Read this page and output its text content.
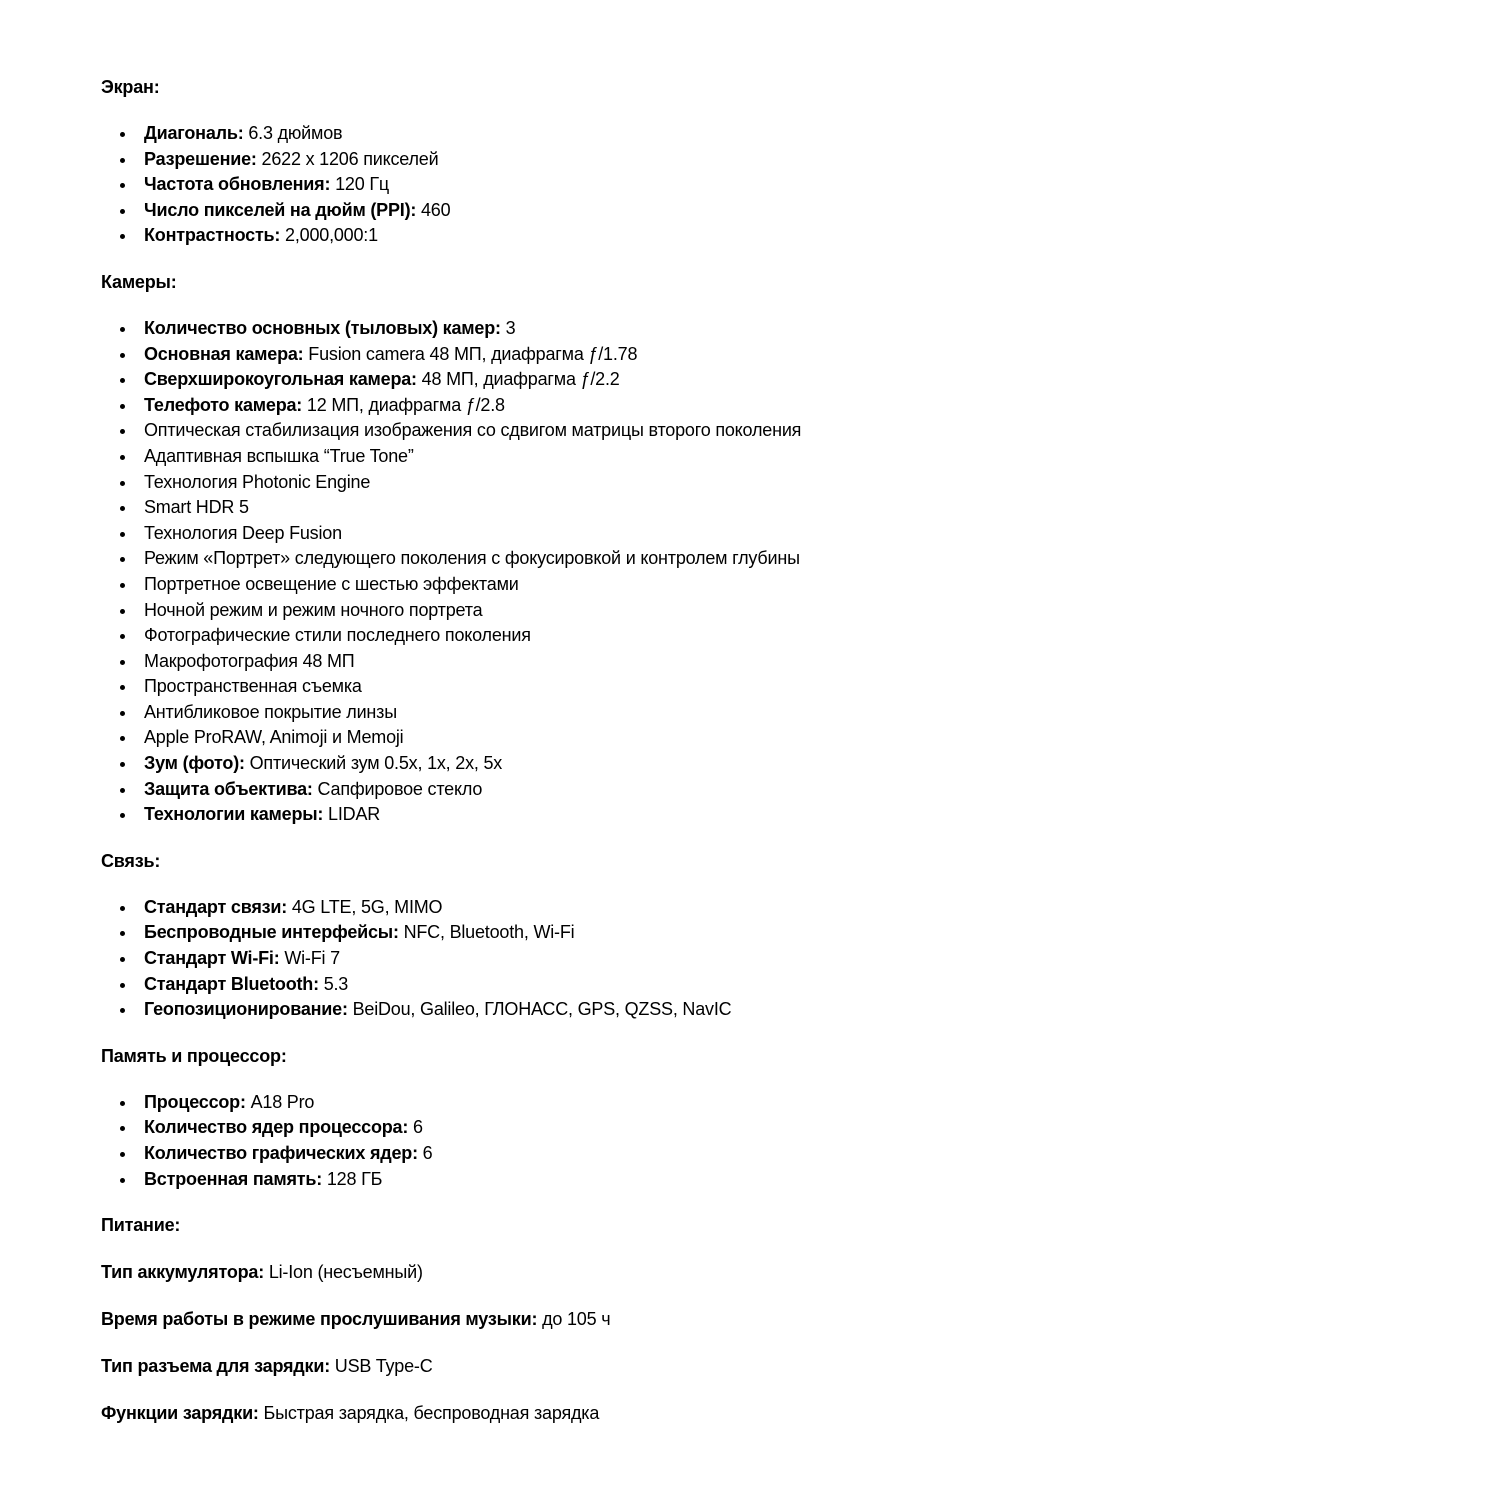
Экран:

Диагональ: 6.3 дюймов
Разрешение: 2622 x 1206 пикселей
Частота обновления: 120 Гц
Число пикселей на дюйм (PPI): 460
Контрастность: 2,000,000:1

Камеры:

Количество основных (тыловых) камер: 3
Основная камера: Fusion camera 48 МП, диафрагма ƒ/1.78
Сверхширокоугольная камера: 48 МП, диафрагма ƒ/2.2
Телефото камера: 12 МП, диафрагма ƒ/2.8
Оптическая стабилизация изображения со сдвигом матрицы второго поколения
Адаптивная вспышка “True Tone”
Технология Photonic Engine
Smart HDR 5
Технология Deep Fusion
Режим «Портрет» следующего поколения с фокусировкой и контролем глубины
Портретное освещение с шестью эффектами
Ночной режим и режим ночного портрета
Фотографические стили последнего поколения
Макрофотография 48 МП
Пространственная съемка
Антибликовое покрытие линзы
Apple ProRAW, Animoji и Memoji
Зум (фото): Оптический зум 0.5x, 1x, 2x, 5x
Защита объектива: Сапфировое стекло
Технологии камеры: LIDAR

Связь:

Стандарт связи: 4G LTE, 5G, MIMO
Беспроводные интерфейсы: NFC, Bluetooth, Wi-Fi
Стандарт Wi-Fi: Wi-Fi 7
Стандарт Bluetooth: 5.3
Геопозиционирование: BeiDou, Galileo, ГЛОНАСС, GPS, QZSS, NavIC

Память и процессор:

Процессор: A18 Pro
Количество ядер процессора: 6
Количество графических ядер: 6
Встроенная память: 128 ГБ

Питание:

Тип аккумулятора: Li-Ion (несъемный)

Время работы в режиме прослушивания музыки: до 105 ч

Тип разъема для зарядки: USB Type-C

Функции зарядки: Быстрая зарядка, беспроводная зарядка
